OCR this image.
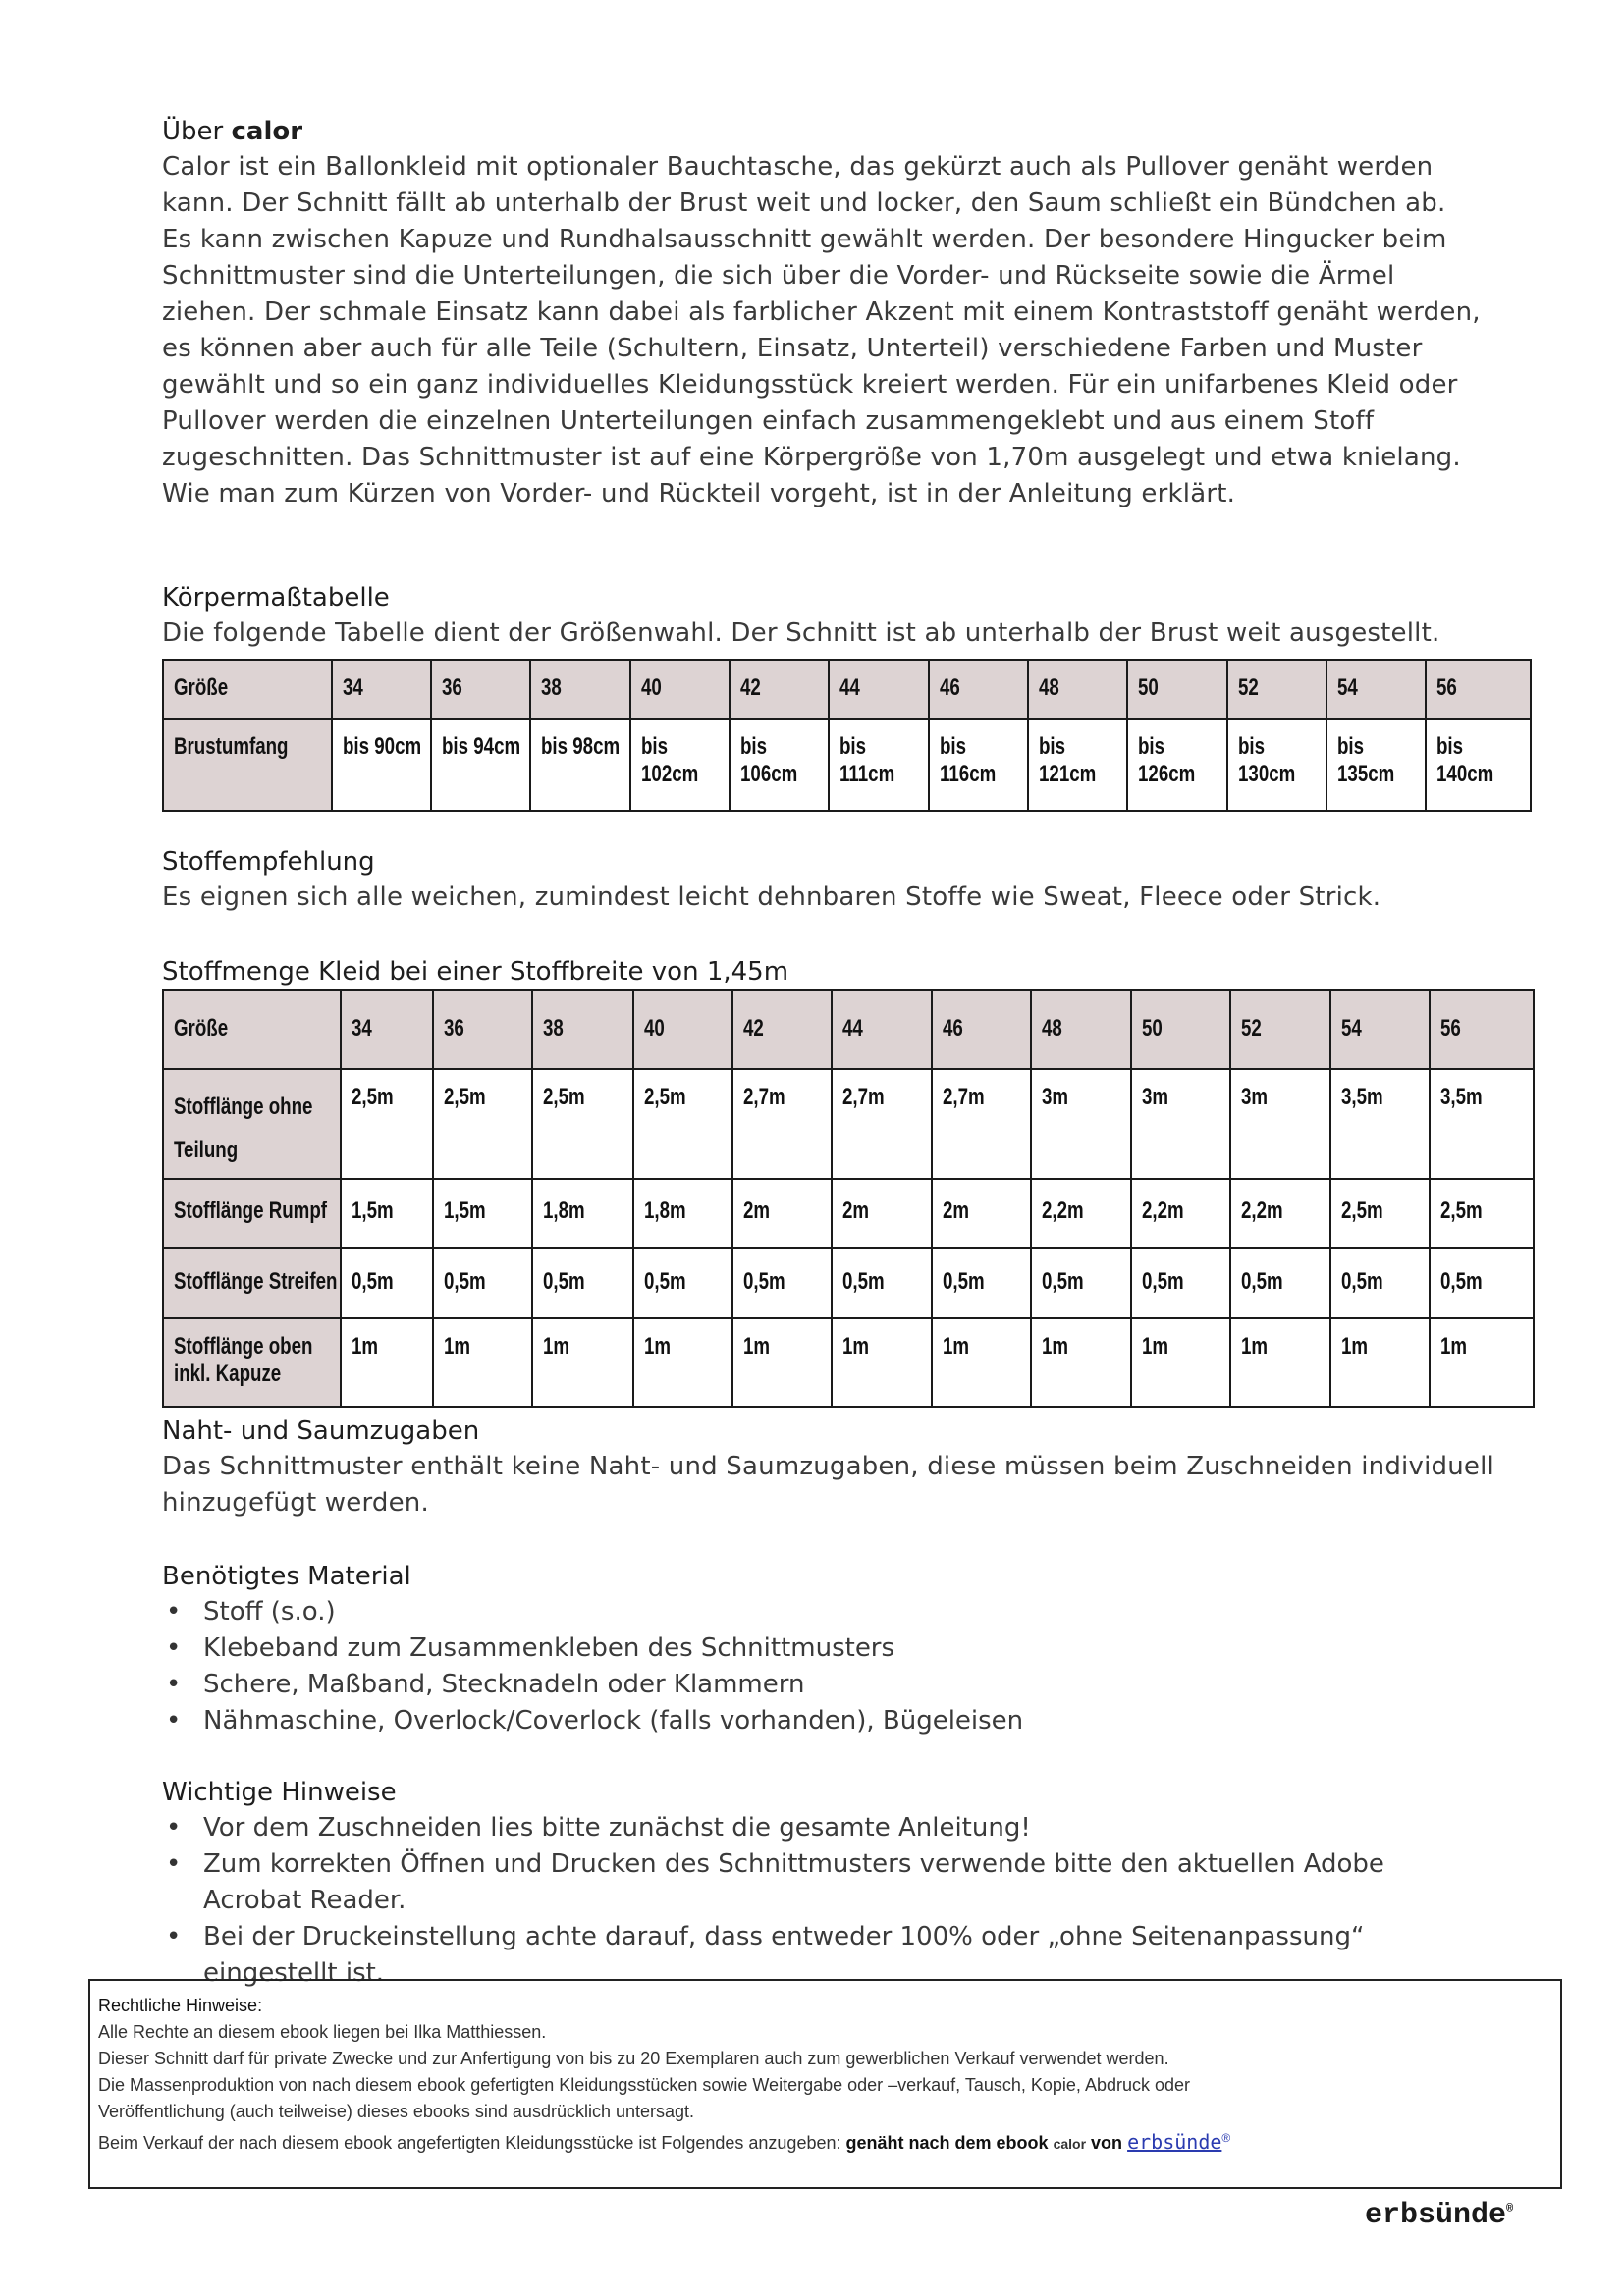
Über calor
Calor ist ein Ballonkleid mit optionaler Bauchtasche, das gekürzt auch als Pullover genäht werden
kann. Der Schnitt fällt ab unterhalb der Brust weit und locker, den Saum schließt ein Bündchen ab.
Es kann zwischen Kapuze und Rundhalsausschnitt gewählt werden. Der besondere Hingucker beim
Schnittmuster sind die Unterteilungen, die sich über die Vorder- und Rückseite sowie die Ärmel
ziehen. Der schmale Einsatz kann dabei als farblicher Akzent mit einem Kontraststoff genäht werden,
es können aber auch für alle Teile (Schultern, Einsatz, Unterteil) verschiedene Farben und Muster
gewählt und so ein ganz individuelles Kleidungsstück kreiert werden. Für ein unifarbenes Kleid oder
Pullover werden die einzelnen Unterteilungen einfach zusammengeklebt und aus einem Stoff
zugeschnitten. Das Schnittmuster ist auf eine Körpergröße von 1,70m ausgelegt und etwa knielang.
Wie man zum Kürzen von Vorder- und Rückteil vorgeht, ist in der Anleitung erklärt.
Körpermaßtabelle
Die folgende Tabelle dient der Größenwahl. Der Schnitt ist ab unterhalb der Brust weit ausgestellt.
Größe	34	36	38	40	42	44	46	48	50	52	54	56
Brustumfang	bis 90cm	bis 94cm	bis 98cm	bis 102cm	bis 106cm	bis 111cm	bis 116cm	bis 121cm	bis 126cm	bis 130cm	bis 135cm	bis 140cm
Stoffempfehlung
Es eignen sich alle weichen, zumindest leicht dehnbaren Stoffe wie Sweat, Fleece oder Strick.
Stoffmenge Kleid bei einer Stoffbreite von 1,45m
Größe	34	36	38	40	42	44	46	48	50	52	54	56
Stofflänge ohne Teilung	2,5m	2,5m	2,5m	2,5m	2,7m	2,7m	2,7m	3m	3m	3m	3,5m	3,5m
Stofflänge Rumpf	1,5m	1,5m	1,8m	1,8m	2m	2m	2m	2,2m	2,2m	2,2m	2,5m	2,5m
Stofflänge Streifen	0,5m	0,5m	0,5m	0,5m	0,5m	0,5m	0,5m	0,5m	0,5m	0,5m	0,5m	0,5m
Stofflänge oben inkl. Kapuze	1m	1m	1m	1m	1m	1m	1m	1m	1m	1m	1m	1m
Naht- und Saumzugaben
Das Schnittmuster enthält keine Naht- und Saumzugaben, diese müssen beim Zuschneiden individuell
hinzugefügt werden.
Benötigtes Material
• Stoff (s.o.)
• Klebeband zum Zusammenkleben des Schnittmusters
• Schere, Maßband, Stecknadeln oder Klammern
• Nähmaschine, Overlock/Coverlock (falls vorhanden), Bügeleisen
Wichtige Hinweise
• Vor dem Zuschneiden lies bitte zunächst die gesamte Anleitung!
• Zum korrekten Öffnen und Drucken des Schnittmusters verwende bitte den aktuellen Adobe Acrobat Reader.
• Bei der Druckeinstellung achte darauf, dass entweder 100% oder „ohne Seitenanpassung“ eingestellt ist.
Rechtliche Hinweise:
Alle Rechte an diesem ebook liegen bei Ilka Matthiessen.
Dieser Schnitt darf für private Zwecke und zur Anfertigung von bis zu 20 Exemplaren auch zum gewerblichen Verkauf verwendet werden.
Die Massenproduktion von nach diesem ebook gefertigten Kleidungsstücken sowie Weitergabe oder –verkauf, Tausch, Kopie, Abdruck oder
Veröffentlichung (auch teilweise) dieses ebooks sind ausdrücklich untersagt.
Beim Verkauf der nach diesem ebook angefertigten Kleidungsstücke ist Folgendes anzugeben: genäht nach dem ebook calor von erbsünde®
erbsünde®
